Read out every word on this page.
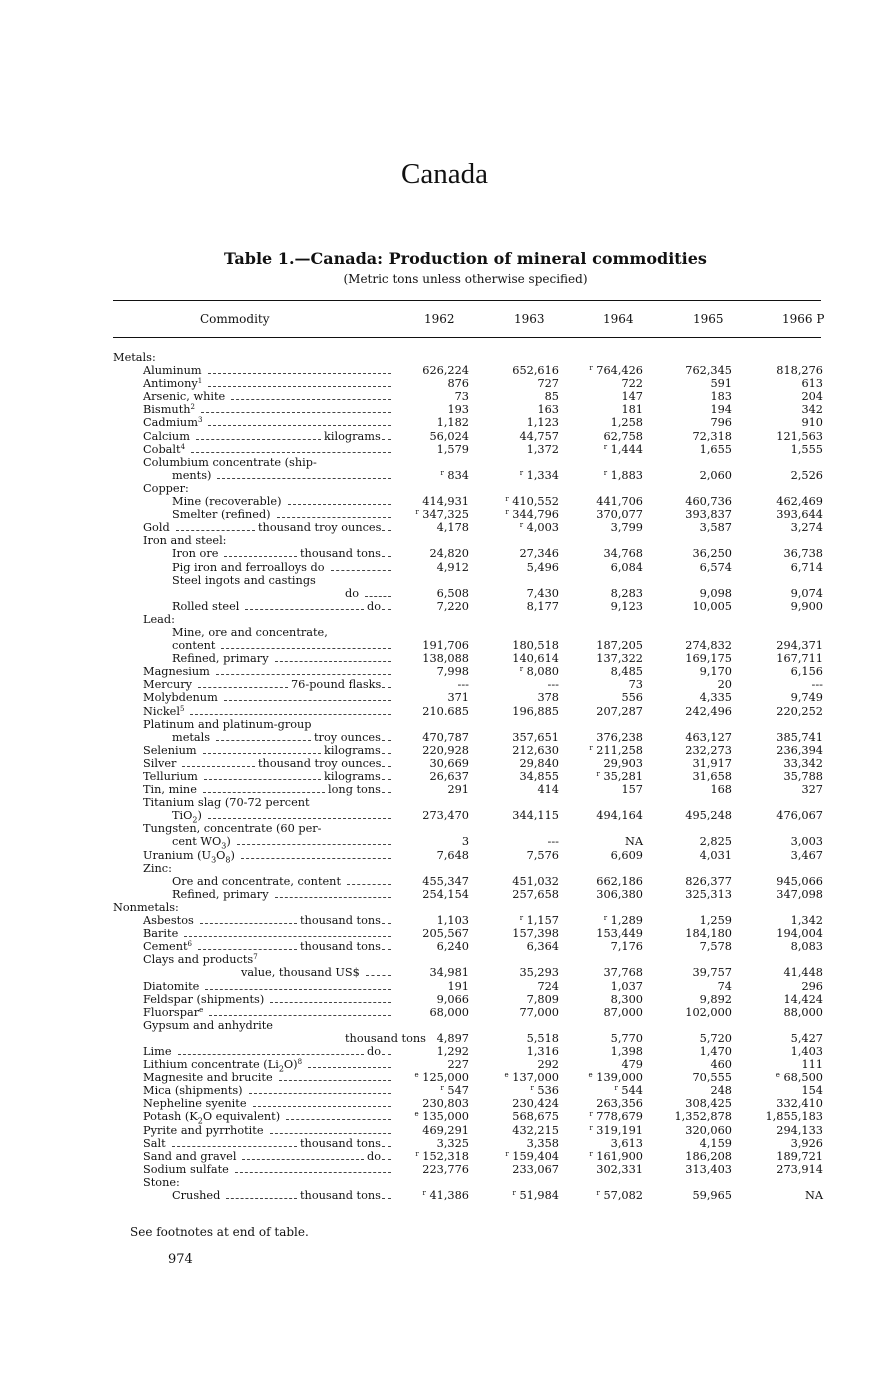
Canada
Table 1.—Canada: Production of mineral commodities
(Metric tons unless otherwise specified)
Commodity	1962	1963	1964	1965	1966 P
Metals:
Aluminum	626,224	652,616	$^r$ 764,426	762,345	818,276
Antimony$^1$	876	727	722	591	613
Arsenic, white	73	85	147	183	204
Bismuth$^2$	193	163	181	194	342
Cadmium$^3$	1,182	1,123	1,258	796	910
Calcium	kilograms	56,024	44,757	62,758	72,318	121,563
Cobalt$^4$	1,579	1,372	$^r$ 1,444	1,655	1,555
Columbium concentrate (ship-
ments)	$^r$ 834	$^r$ 1,334	$^r$ 1,883	2,060	2,526
Copper:
Mine (recoverable)	414,931	$^r$ 410,552	441,706	460,736	462,469
Smelter (refined)	$^r$ 347,325	$^r$ 344,796	370,077	393,837	393,644
Gold	thousand troy ounces	4,178	$^r$ 4,003	3,799	3,587	3,274
Iron and steel:
Iron ore	thousand tons	24,820	27,346	34,768	36,250	36,738
Pig iron and ferroalloys do	4,912	5,496	6,084	6,574	6,714
Steel ingots and castings
do	6,508	7,430	8,283	9,098	9,074
Rolled steel	do	7,220	8,177	9,123	10,005	9,900
Lead:
Mine, ore and concentrate,
content	191,706	180,518	187,205	274,832	294,371
Refined, primary	138,088	140,614	137,322	169,175	167,711
Magnesium	7,998	$^r$ 8,080	8,485	9,170	6,156
Mercury	76-pound flasks	---	---	73	20	---
Molybdenum	371	378	556	4,335	9,749
Nickel$^5$	210.685	196,885	207,287	242,496	220,252
Platinum and platinum-group
metals	troy ounces	470,787	357,651	376,238	463,127	385,741
Selenium	kilograms	220,928	212,630	$^r$ 211,258	232,273	236,394
Silver	thousand troy ounces	30,669	29,840	29,903	31,917	33,342
Tellurium	kilograms	26,637	34,855	$^r$ 35,281	31,658	35,788
Tin, mine	long tons	291	414	157	168	327
Titanium slag (70-72 percent
TiO$_2$)	273,470	344,115	494,164	495,248	476,067
Tungsten, concentrate (60 per-
cent $WO_3$)	3	---	NA	2,825	3,003
Uranium $(U_3O_8)$	7,648	7,576	6,609	4,031	3,467
Zinc:
Ore and concentrate, content	455,347	451,032	662,186	826,377	945,066
Refined, primary	254,154	257,658	306,380	325,313	347,098
Nonmetals:
Asbestos	thousand tons	1,103	$^r$ 1,157	$^r$ 1,289	1,259	1,342
Barite	205,567	157,398	153,449	184,180	194,004
Cement$^6$	thousand tons	6,240	6,364	7,176	7,578	8,083
Clays and products$^7$
value, thousand US$	34,981	35,293	37,768	39,757	41,448
Diatomite	191	724	1,037	74	296
Feldspar (shipments)	9,066	7,809	8,300	9,892	14,424
Fluorspar$^e$	68,000	77,000	87,000	102,000	88,000
Gypsum and anhydrite
thousand tons 4,897	5,518	5,770	5,720	5,427
Lime	do	1,292	1,316	1,398	1,470	1,403
Lithium concentrate $(Li_2O)^8$	227	292	479	460	111
Magnesite and brucite	$^e$ 125,000	$^e$ 137,000	$^e$ 139,000	70,555	$^e$ 68,500
Mica (shipments)	$^r$ 547	$^r$ 536	$^r$ 544	248	154
Nepheline syenite	230,803	230,424	263,356	308,425	332,410
Potash ($K_2O$ equivalent)	$^e$ 135,000	568,675	$^r$ 778,679	1,352,878	1,855,183
Pyrite and pyrrhotite	469,291	432,215	$^r$ 319,191	320,060	294,133
Salt	thousand tons	3,325	3,358	3,613	4,159	3,926
Sand and gravel	do	$^r$ 152,318	$^r$ 159,404	$^r$ 161,900	186,208	189,721
Sodium sulfate	223,776	233,067	302,331	313,403	273,914
Stone:
Crushed	thousand tons	$^r$ 41,386	$^r$ 51,984	$^r$ 57,082	59,965	NA
See footnotes at end of table.
974
